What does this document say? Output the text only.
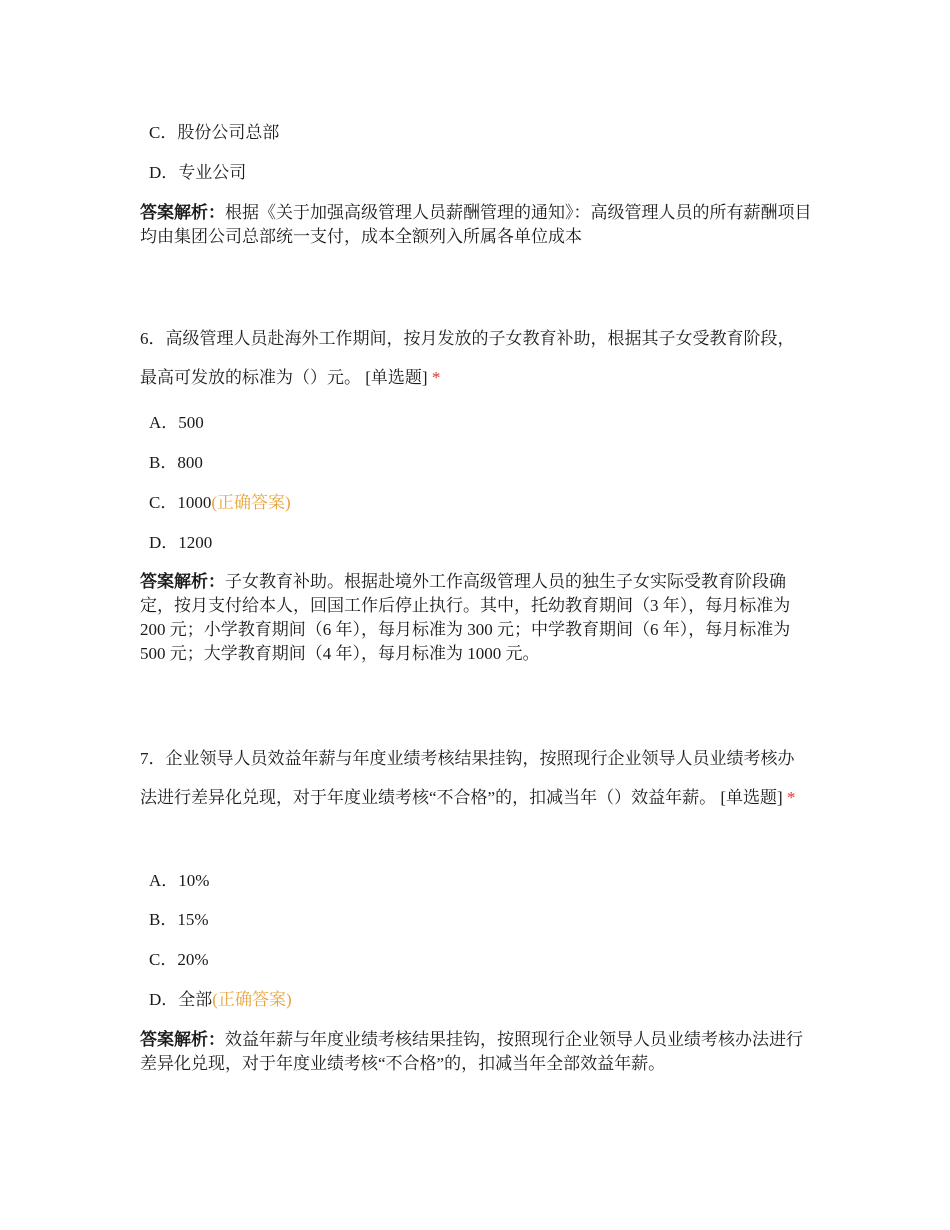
C．股份公司总部
D．专业公司
答案解析：根据《关于加强高级管理人员薪酬管理的通知》：高级管理人员的所有薪酬项目均由集团公司总部统一支付，成本全额列入所属各单位成本
6．高级管理人员赴海外工作期间，按月发放的子女教育补助，根据其子女受教育阶段，最高可发放的标准为（）元。 [单选题] *
A．500
B．800
C．1000(正确答案)
D．1200
答案解析：子女教育补助。根据赴境外工作高级管理人员的独生子女实际受教育阶段确定，按月支付给本人，回国工作后停止执行。其中，托幼教育期间（3 年），每月标准为 200 元；小学教育期间（6 年），每月标准为 300 元；中学教育期间（6 年），每月标准为 500 元；大学教育期间（4 年），每月标准为 1000 元。
7．企业领导人员效益年薪与年度业绩考核结果挂钩，按照现行企业领导人员业绩考核办法进行差异化兑现，对于年度业绩考核“不合格”的，扣减当年（）效益年薪。 [单选题] *
A．10%
B．15%
C．20%
D．全部(正确答案)
答案解析：效益年薪与年度业绩考核结果挂钩，按照现行企业领导人员业绩考核办法进行差异化兑现，对于年度业绩考核“不合格”的，扣减当年全部效益年薪。
